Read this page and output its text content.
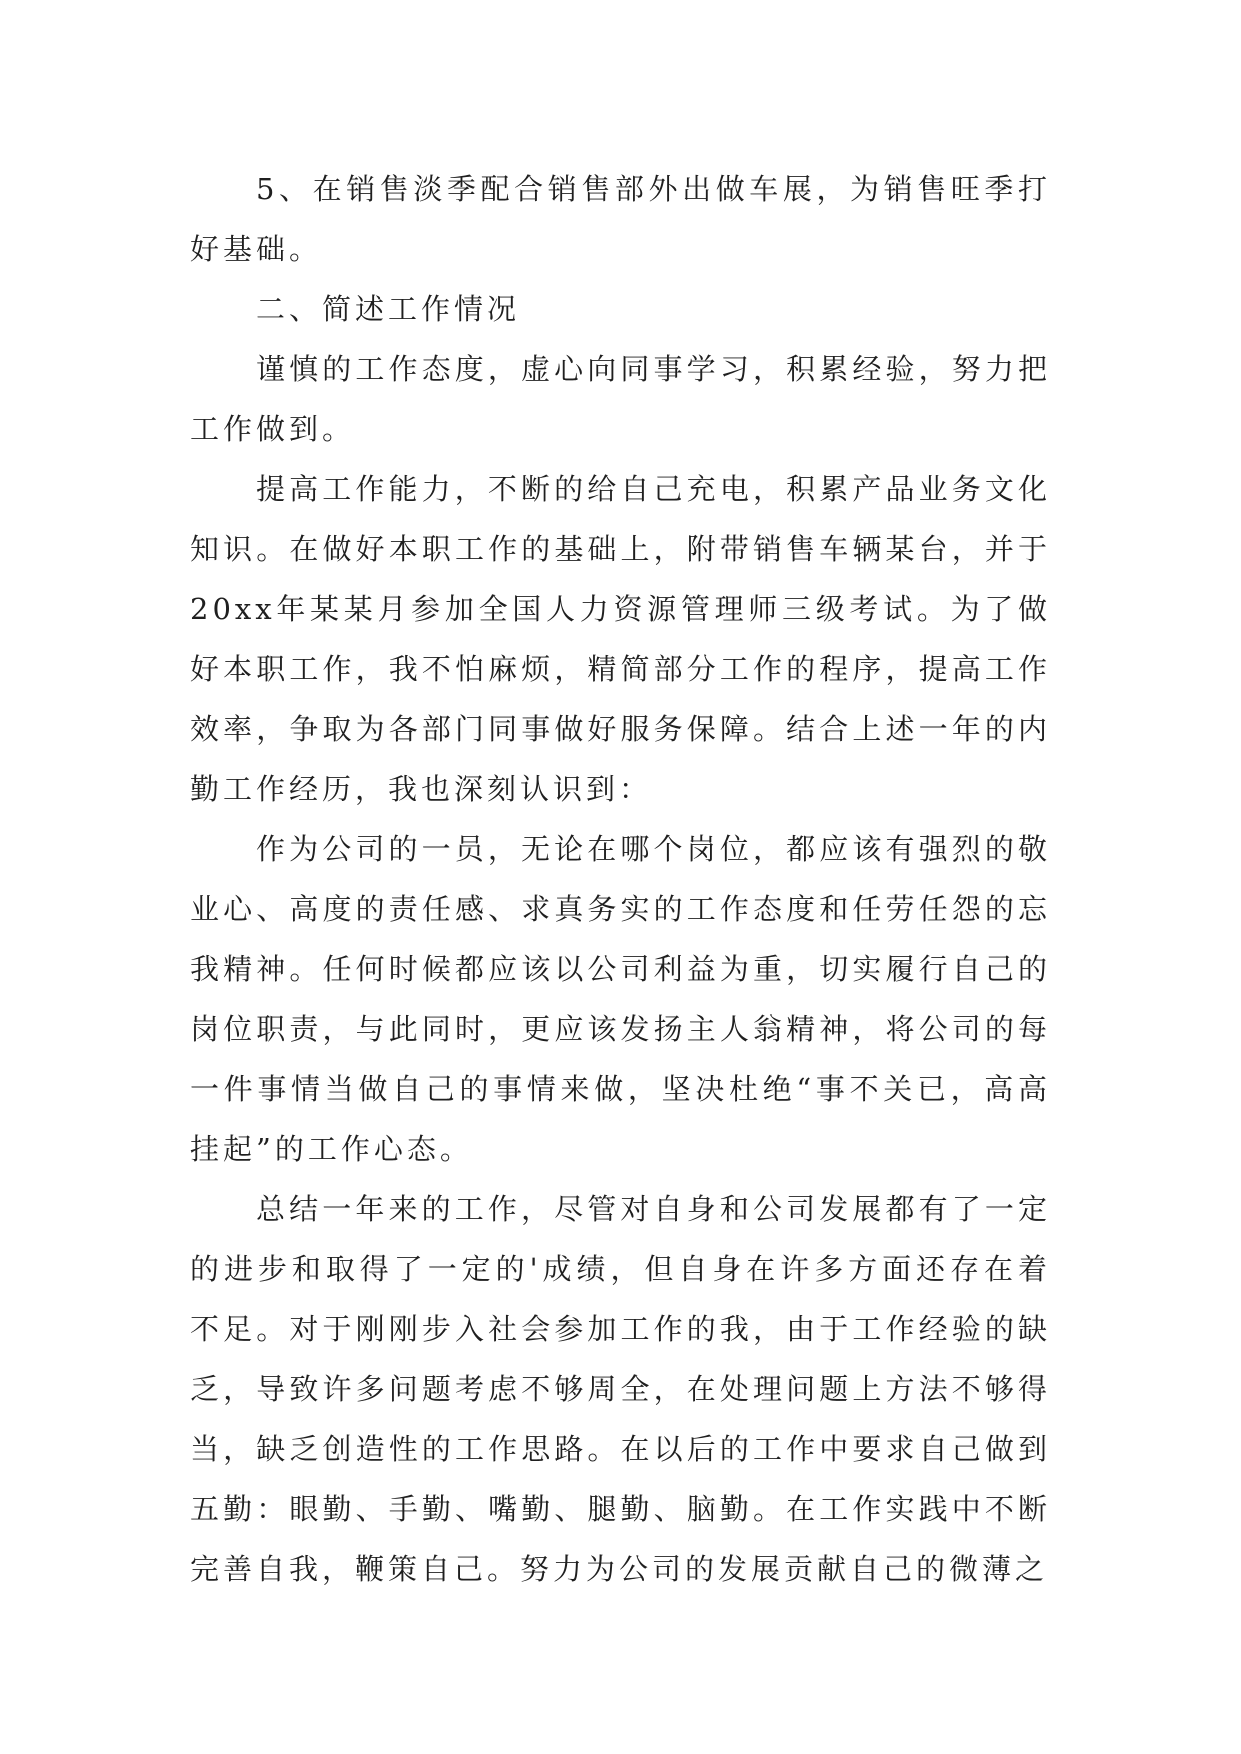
5、在销售淡季配合销售部外出做车展，为销售旺季打好基础。

二、简述工作情况

谨慎的工作态度，虚心向同事学习，积累经验，努力把工作做到。

提高工作能力，不断的给自己充电，积累产品业务文化知识。在做好本职工作的基础上，附带销售车辆某台，并于20xx年某某月参加全国人力资源管理师三级考试。为了做好本职工作，我不怕麻烦，精简部分工作的程序，提高工作效率，争取为各部门同事做好服务保障。结合上述一年的内勤工作经历，我也深刻认识到：

作为公司的一员，无论在哪个岗位，都应该有强烈的敬业心、高度的责任感、求真务实的工作态度和任劳任怨的忘我精神。任何时候都应该以公司利益为重，切实履行自己的岗位职责，与此同时，更应该发扬主人翁精神，将公司的每一件事情当做自己的事情来做，坚决杜绝“事不关已，高高挂起”的工作心态。

总结一年来的工作，尽管对自身和公司发展都有了一定的进步和取得了一定的'成绩，但自身在许多方面还存在着不足。对于刚刚步入社会参加工作的我，由于工作经验的缺乏，导致许多问题考虑不够周全，在处理问题上方法不够得当，缺乏创造性的工作思路。在以后的工作中要求自己做到五勤：眼勤、手勤、嘴勤、腿勤、脑勤。在工作实践中不断完善自我，鞭策自己。努力为公司的发展贡献自己的微薄之
